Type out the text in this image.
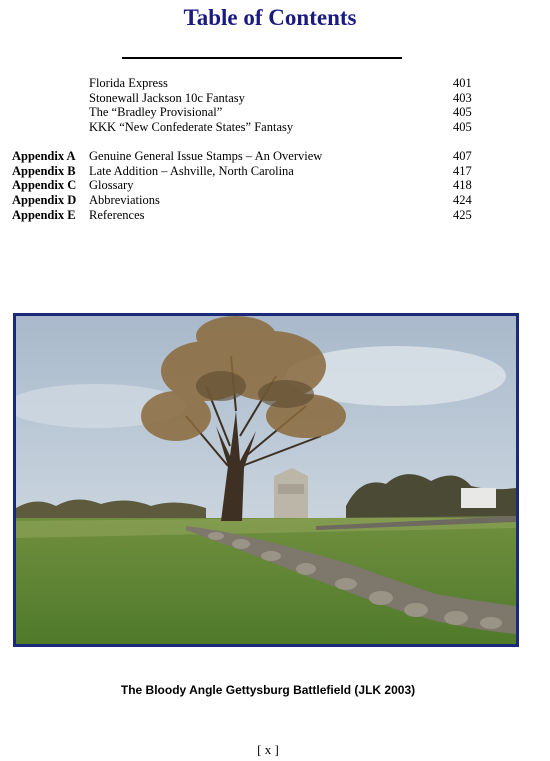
Table of Contents
Florida Express	401
Stonewall Jackson 10c Fantasy	403
The “Bradley Provisional”	405
KKK “New Confederate States” Fantasy	405
Appendix A Genuine General Issue Stamps – An Overview	407
Appendix B Late Addition – Ashville, North Carolina	417
Appendix C Glossary	418
Appendix D Abbreviations	424
Appendix E References	425
The Bloody Angle Gettysburg Battlefield (JLK 2003)
[ x ]
